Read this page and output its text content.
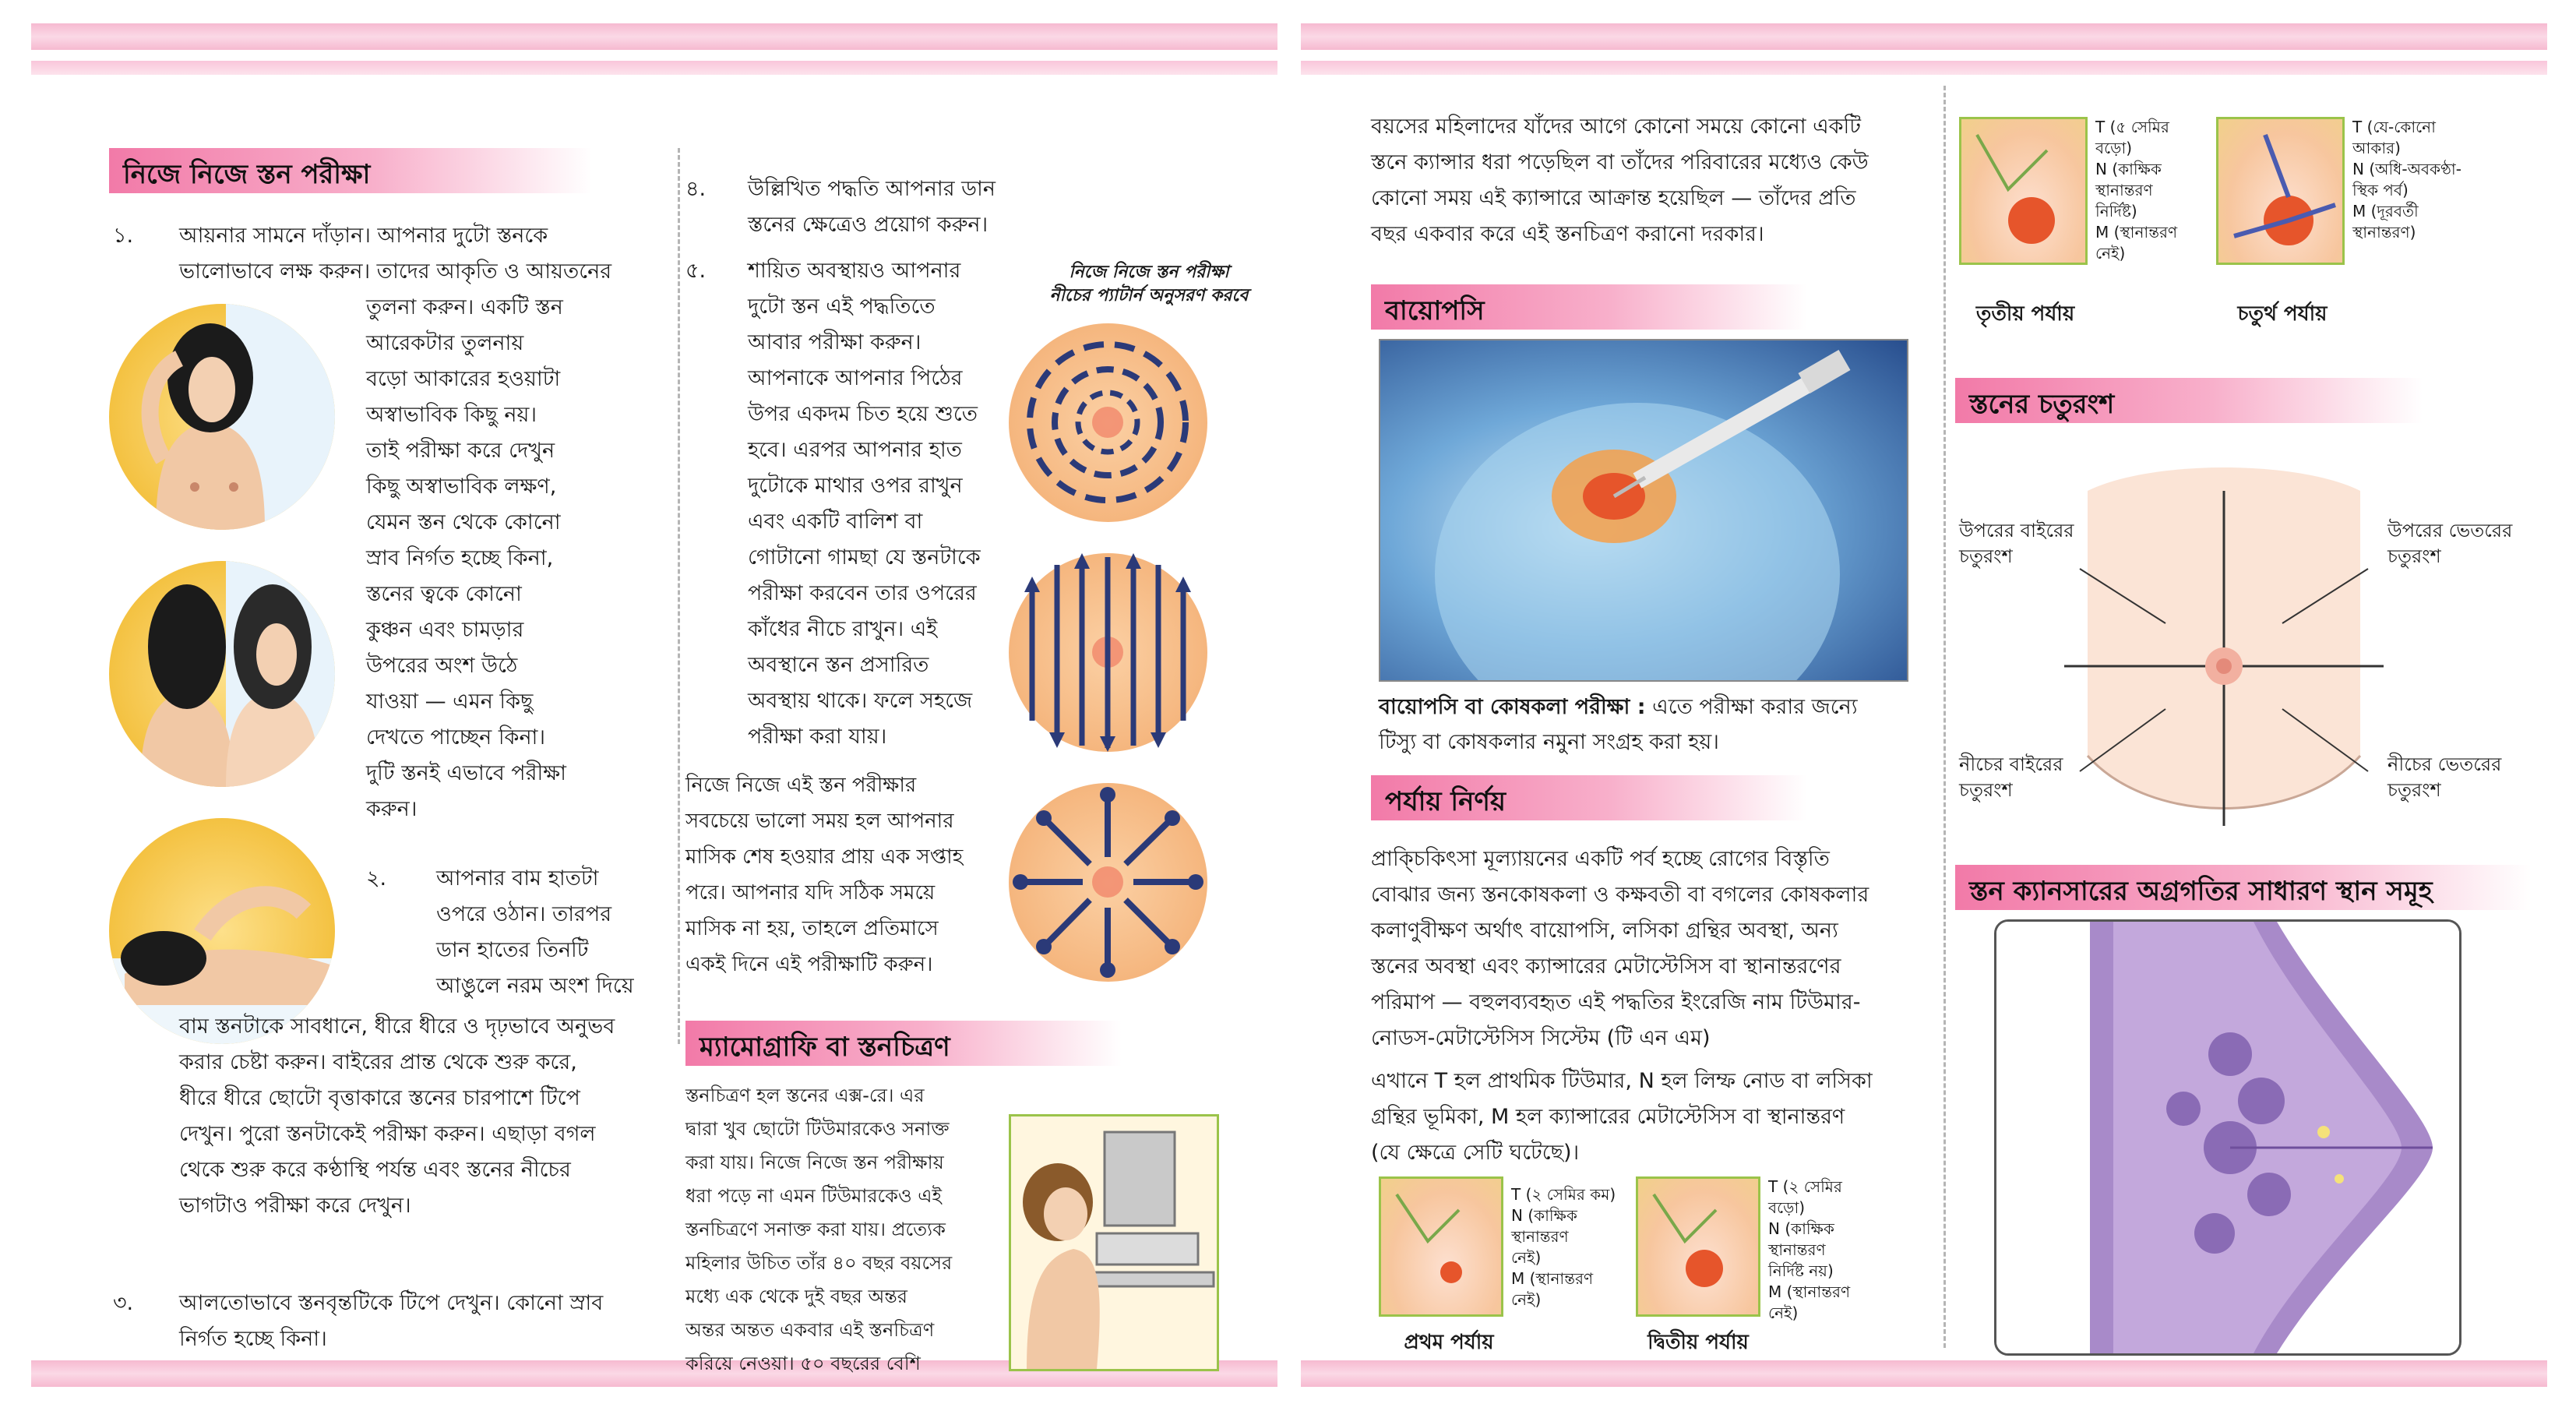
নিজে নিজে স্তন পরীক্ষা
১.
২.
৩.
৪.
৫.	নিজে নিজে স্তন পরীক্ষা
নীচের প্যাটার্ন অনুসরণ করবে
ম্যামোগ্রাফি বা স্তনচিত্রণ
আয়নার সামনে দাঁড়ান। আপনার দুটো স্তনকে
ভালোভাবে লক্ষ করুন। তাদের আকৃতি ও আয়তনের
তুলনা করুন। একটি স্তন
আরেকটার তুলনায়
বড়ো আকারের হওয়াটা
অস্বাভাবিক কিছু নয়।
তাই পরীক্ষা করে দেখুন
কিছু অস্বাভাবিক লক্ষণ,
যেমন স্তন থেকে কোনো
স্রাব নির্গত হচ্ছে কিনা,
স্তনের ত্বকে কোনো
কুঞ্চন এবং চামড়ার
উপরের অংশ উঠে
যাওয়া — এমন কিছু
দেখতে পাচ্ছেন কিনা।
দুটি স্তনই এভাবে পরীক্ষা
করুন।
আপনার বাম হাতটা
ওপরে ওঠান। তারপর
ডান হাতের তিনটি
আঙুলে নরম অংশ দিয়ে
বাম স্তনটাকে সাবধানে, ধীরে ধীরে ও দৃঢ়ভাবে অনুভব
করার চেষ্টা করুন। বাইরের প্রান্ত থেকে শুরু করে,
ধীরে ধীরে ছোটো বৃত্তাকারে স্তনের চারপাশে টিপে
দেখুন। পুরো স্তনটাকেই পরীক্ষা করুন। এছাড়া বগল
থেকে শুরু করে কণ্ঠাস্থি পর্যন্ত এবং স্তনের নীচের
ভাগটাও পরীক্ষা করে দেখুন।
আলতোভাবে স্তনবৃন্তটিকে টিপে দেখুন। কোনো স্রাব
নির্গত হচ্ছে কিনা।
উল্লিখিত পদ্ধতি আপনার ডান
স্তনের ক্ষেত্রেও প্রয়োগ করুন।
শায়িত অবস্থায়ও আপনার
দুটো স্তন এই পদ্ধতিতে
আবার পরীক্ষা করুন।
আপনাকে আপনার পিঠের
উপর একদম চিত হয়ে শুতে
হবে। এরপর আপনার হাত
দুটোকে মাথার ওপর রাখুন
এবং একটি বালিশ বা
গোটানো গামছা যে স্তনটাকে
পরীক্ষা করবেন তার ওপরের
কাঁধের নীচে রাখুন। এই
অবস্থানে স্তন প্রসারিত
অবস্থায় থাকে। ফলে সহজে
পরীক্ষা করা যায়।
নিজে নিজে এই স্তন পরীক্ষার
সবচেয়ে ভালো সময় হল আপনার
মাসিক শেষ হওয়ার প্রায় এক সপ্তাহ
পরে। আপনার যদি সঠিক সময়ে
মাসিক না হয়, তাহলে প্রতিমাসে
একই দিনে এই পরীক্ষাটি করুন।
স্তনচিত্রণ হল স্তনের এক্স-রে। এর
দ্বারা খুব ছোটো টিউমারকেও সনাক্ত
করা যায়। নিজে নিজে স্তন পরীক্ষায়
ধরা পড়ে না এমন টিউমারকেও এই
স্তনচিত্রণে সনাক্ত করা যায়। প্রত্যেক
মহিলার উচিত তাঁর ৪০ বছর বয়সের
মধ্যে এক থেকে দুই বছর অন্তর
অন্তর অন্তত একবার এই স্তনচিত্রণ
করিয়ে নেওয়া। ৫০ বছরের বেশি
বায়োপসি
বায়োপসি বা কোষকলা পরীক্ষা : এতে পরীক্ষা করার জন্যে
টিস্যু বা কোষকলার নমুনা সংগ্রহ করা হয়।
পর্যায় নির্ণয়
প্রথম পর্যায়	দ্বিতীয় পর্যায়
তৃতীয় পর্যায়	চতুর্থ পর্যায়
স্তনের চতুরংশ
উপরের বাইরের
চতুরংশ
উপরের ভেতরের
চতুরংশ
নীচের বাইরের
চতুরংশ
নীচের ভেতরের
চতুরংশ
স্তন ক্যানসারের অগ্রগতির সাধারণ স্থান সমূহ
বয়সের মহিলাদের যাঁদের আগে কোনো সময়ে কোনো একটি
স্তনে ক্যান্সার ধরা পড়েছিল বা তাঁদের পরিবারের মধ্যেও কেউ
কোনো সময় এই ক্যান্সারে আক্রান্ত হয়েছিল — তাঁদের প্রতি
বছর একবার করে এই স্তনচিত্রণ করানো দরকার।
প্রাক্চিকিৎসা মূল্যায়নের একটি পর্ব হচ্ছে রোগের বিস্তৃতি
বোঝার জন্য স্তনকোষকলা ও কক্ষবতী বা বগলের কোষকলার
কলাণুবীক্ষণ অর্থাৎ বায়োপসি, লসিকা গ্রন্থির অবস্থা, অন্য
স্তনের অবস্থা এবং ক্যান্সারের মেটাস্টেসিস বা স্থানান্তরণের
পরিমাপ — বহুলব্যবহৃত এই পদ্ধতির ইংরেজি নাম টিউমার-
নোডস-মেটাস্টেসিস সিস্টেম (টি এন এম)
এখানে T হল প্রাথমিক টিউমার, N হল লিম্ফ নোড বা লসিকা
গ্রন্থির ভূমিকা, M হল ক্যান্সারের মেটাস্টেসিস বা স্থানান্তরণ
(যে ক্ষেত্রে সেটি ঘটেছে)।
T (২ সেমির কম)
N (কাক্ষিক
স্থানান্তরণ
নেই)
M (স্থানান্তরণ
নেই)
T (২ সেমির
বড়ো)
N (কাক্ষিক
স্থানান্তরণ
নির্দিষ্ট নয়)
M (স্থানান্তরণ
নেই)
T (৫ সেমির
বড়ো)
N (কাক্ষিক
স্থানান্তরণ
নির্দিষ্ট)
M (স্থানান্তরণ
নেই)
T (যে-কোনো
আকার)
N (অধি-অবকণ্ঠা-
স্থিক পর্ব)
M (দূরবর্তী
স্থানান্তরণ)
